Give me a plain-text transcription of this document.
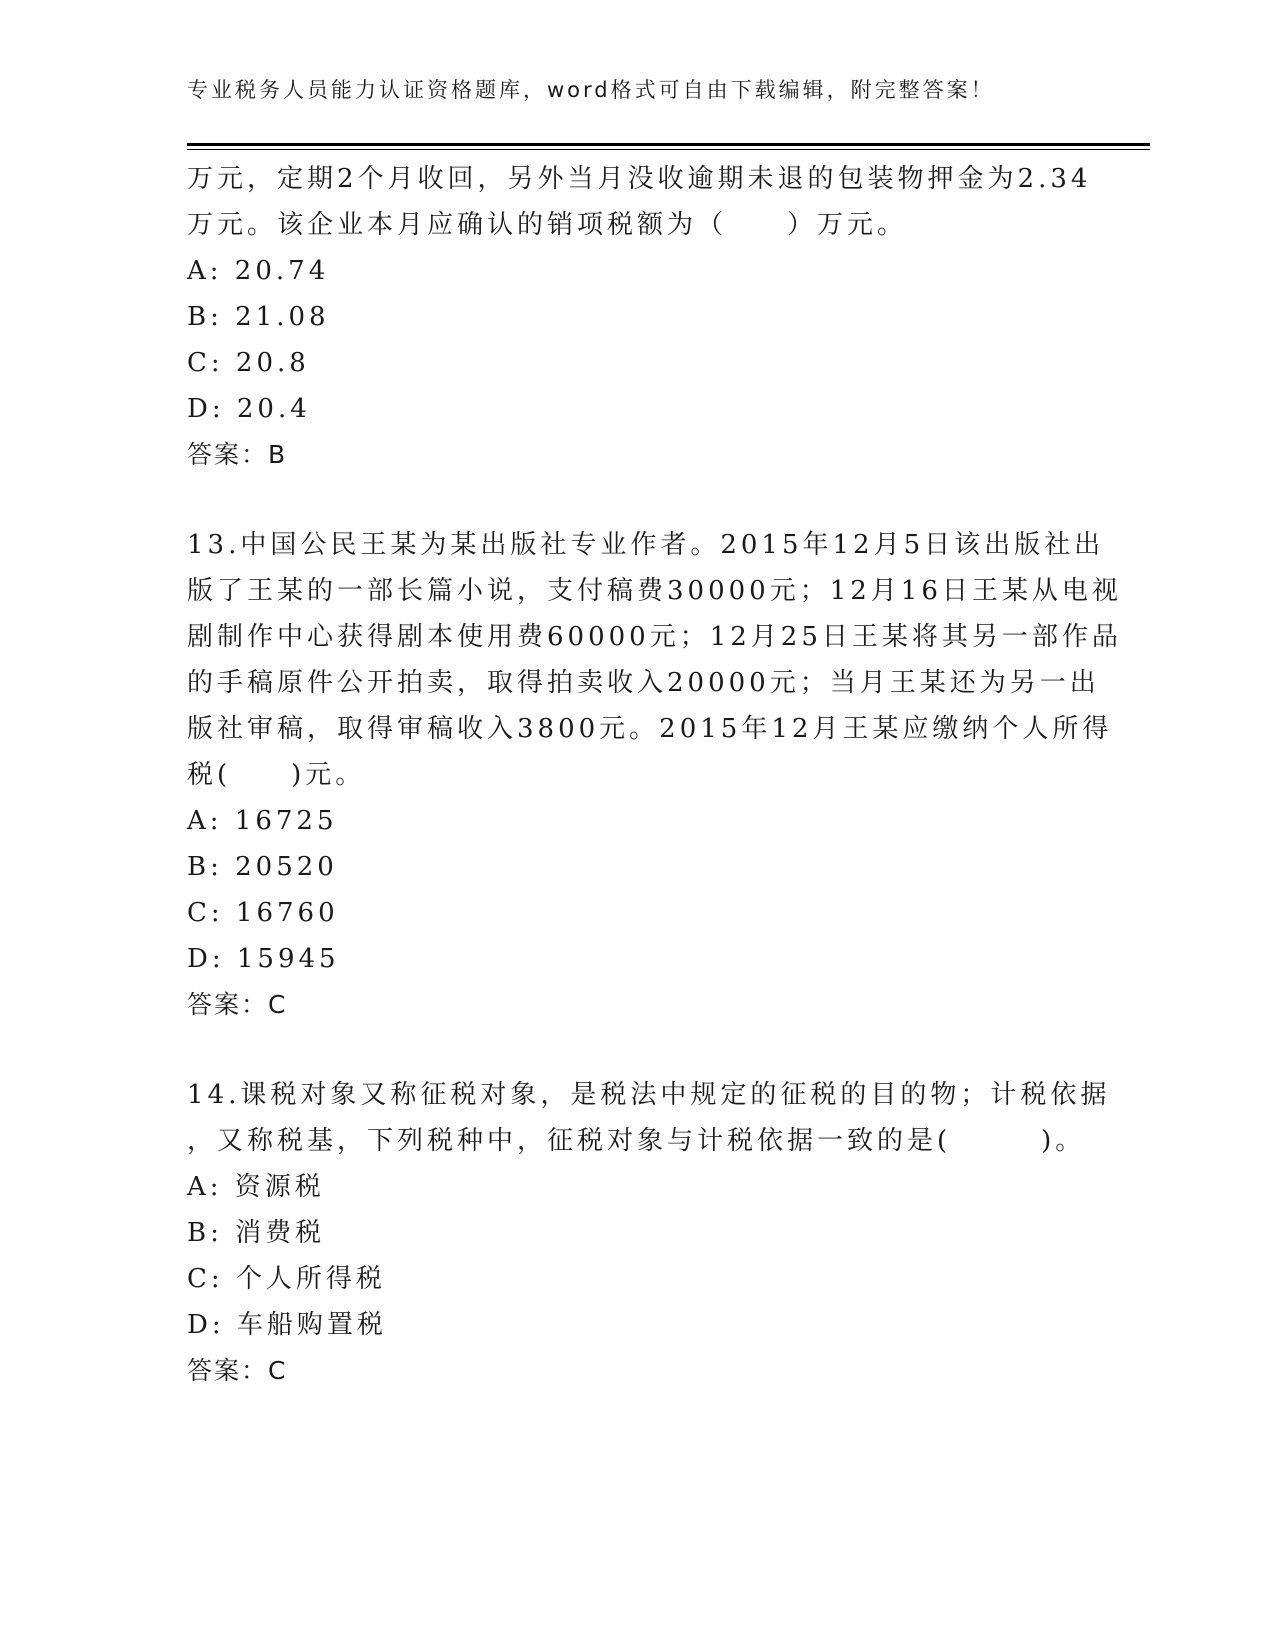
专业税务人员能力认证资格题库，word格式可自由下载编辑，附完整答案！
万元，定期2个月收回，另外当月没收逾期未退的包装物押金为2.34
万元。该企业本月应确认的销项税额为（　　）万元。
A: 20.74
B: 21.08
C: 20.8
D: 20.4
答案：B
13.中国公民王某为某出版社专业作者。2015年12月5日该出版社出
版了王某的一部长篇小说，支付稿费30000元；12月16日王某从电视
剧制作中心获得剧本使用费60000元；12月25日王某将其另一部作品
的手稿原件公开拍卖，取得拍卖收入20000元；当月王某还为另一出
版社审稿，取得审稿收入3800元。2015年12月王某应缴纳个人所得
税(　　)元。
A: 16725
B: 20520
C: 16760
D: 15945
答案：C
14.课税对象又称征税对象，是税法中规定的征税的目的物；计税依据
，又称税基，下列税种中，征税对象与计税依据一致的是(　　　)。
A: 资源税
B: 消费税
C: 个人所得税
D: 车船购置税
答案：C
